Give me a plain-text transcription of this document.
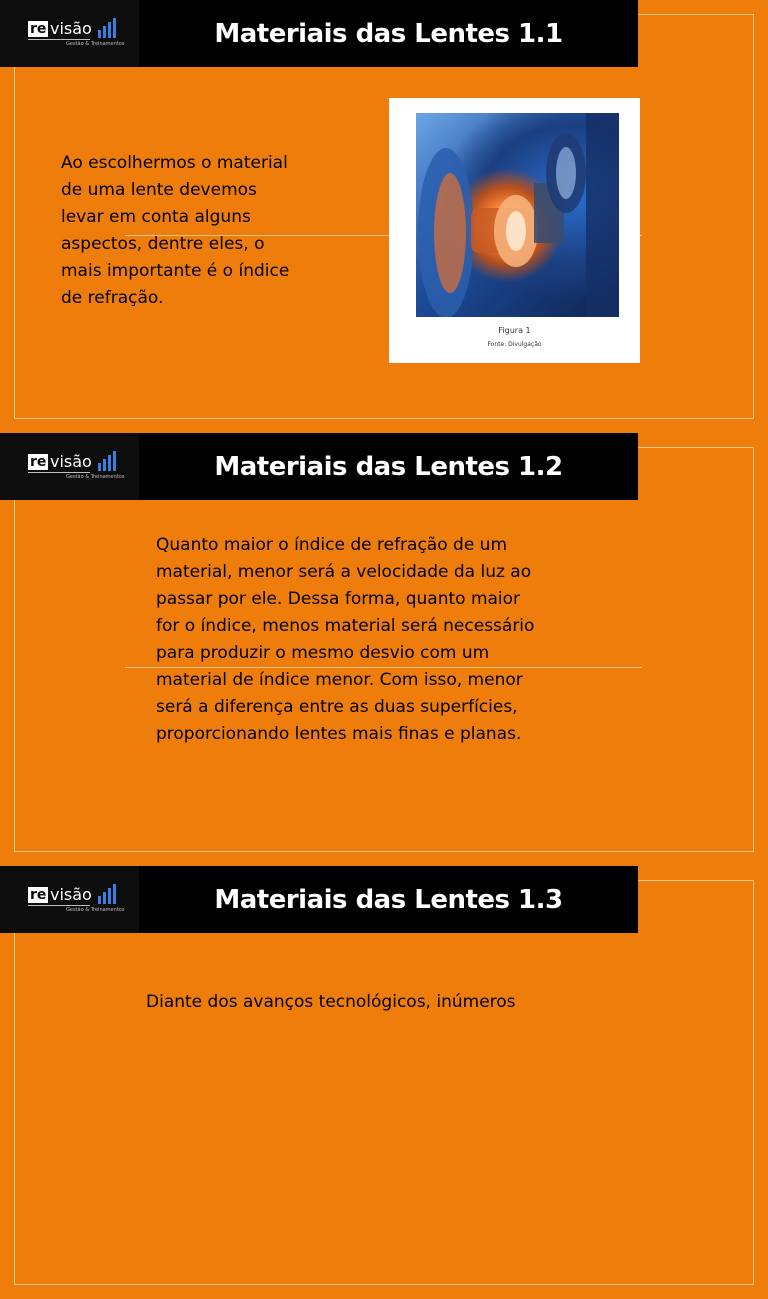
re visão
Gestão & Treinamentos	Materiais das Lentes 1.1
Ao escolhermos o material de uma lente devemos levar em conta alguns aspectos, dentre eles, o mais importante é o índice de refração.
Figura 1
Fonte: Divulgação
re visão
Gestão & Treinamentos	Materiais das Lentes 1.2
Quanto maior o índice de refração de um material, menor será a velocidade da luz ao passar por ele. Dessa forma, quanto maior for o índice, menos material será necessário para produzir o mesmo desvio com um material de índice menor. Com isso, menor será a diferença entre as duas superfícies, proporcionando lentes mais finas e planas.
re visão
Gestão & Treinamentos	Materiais das Lentes 1.3
Diante dos avanços tecnológicos, inúmeros
